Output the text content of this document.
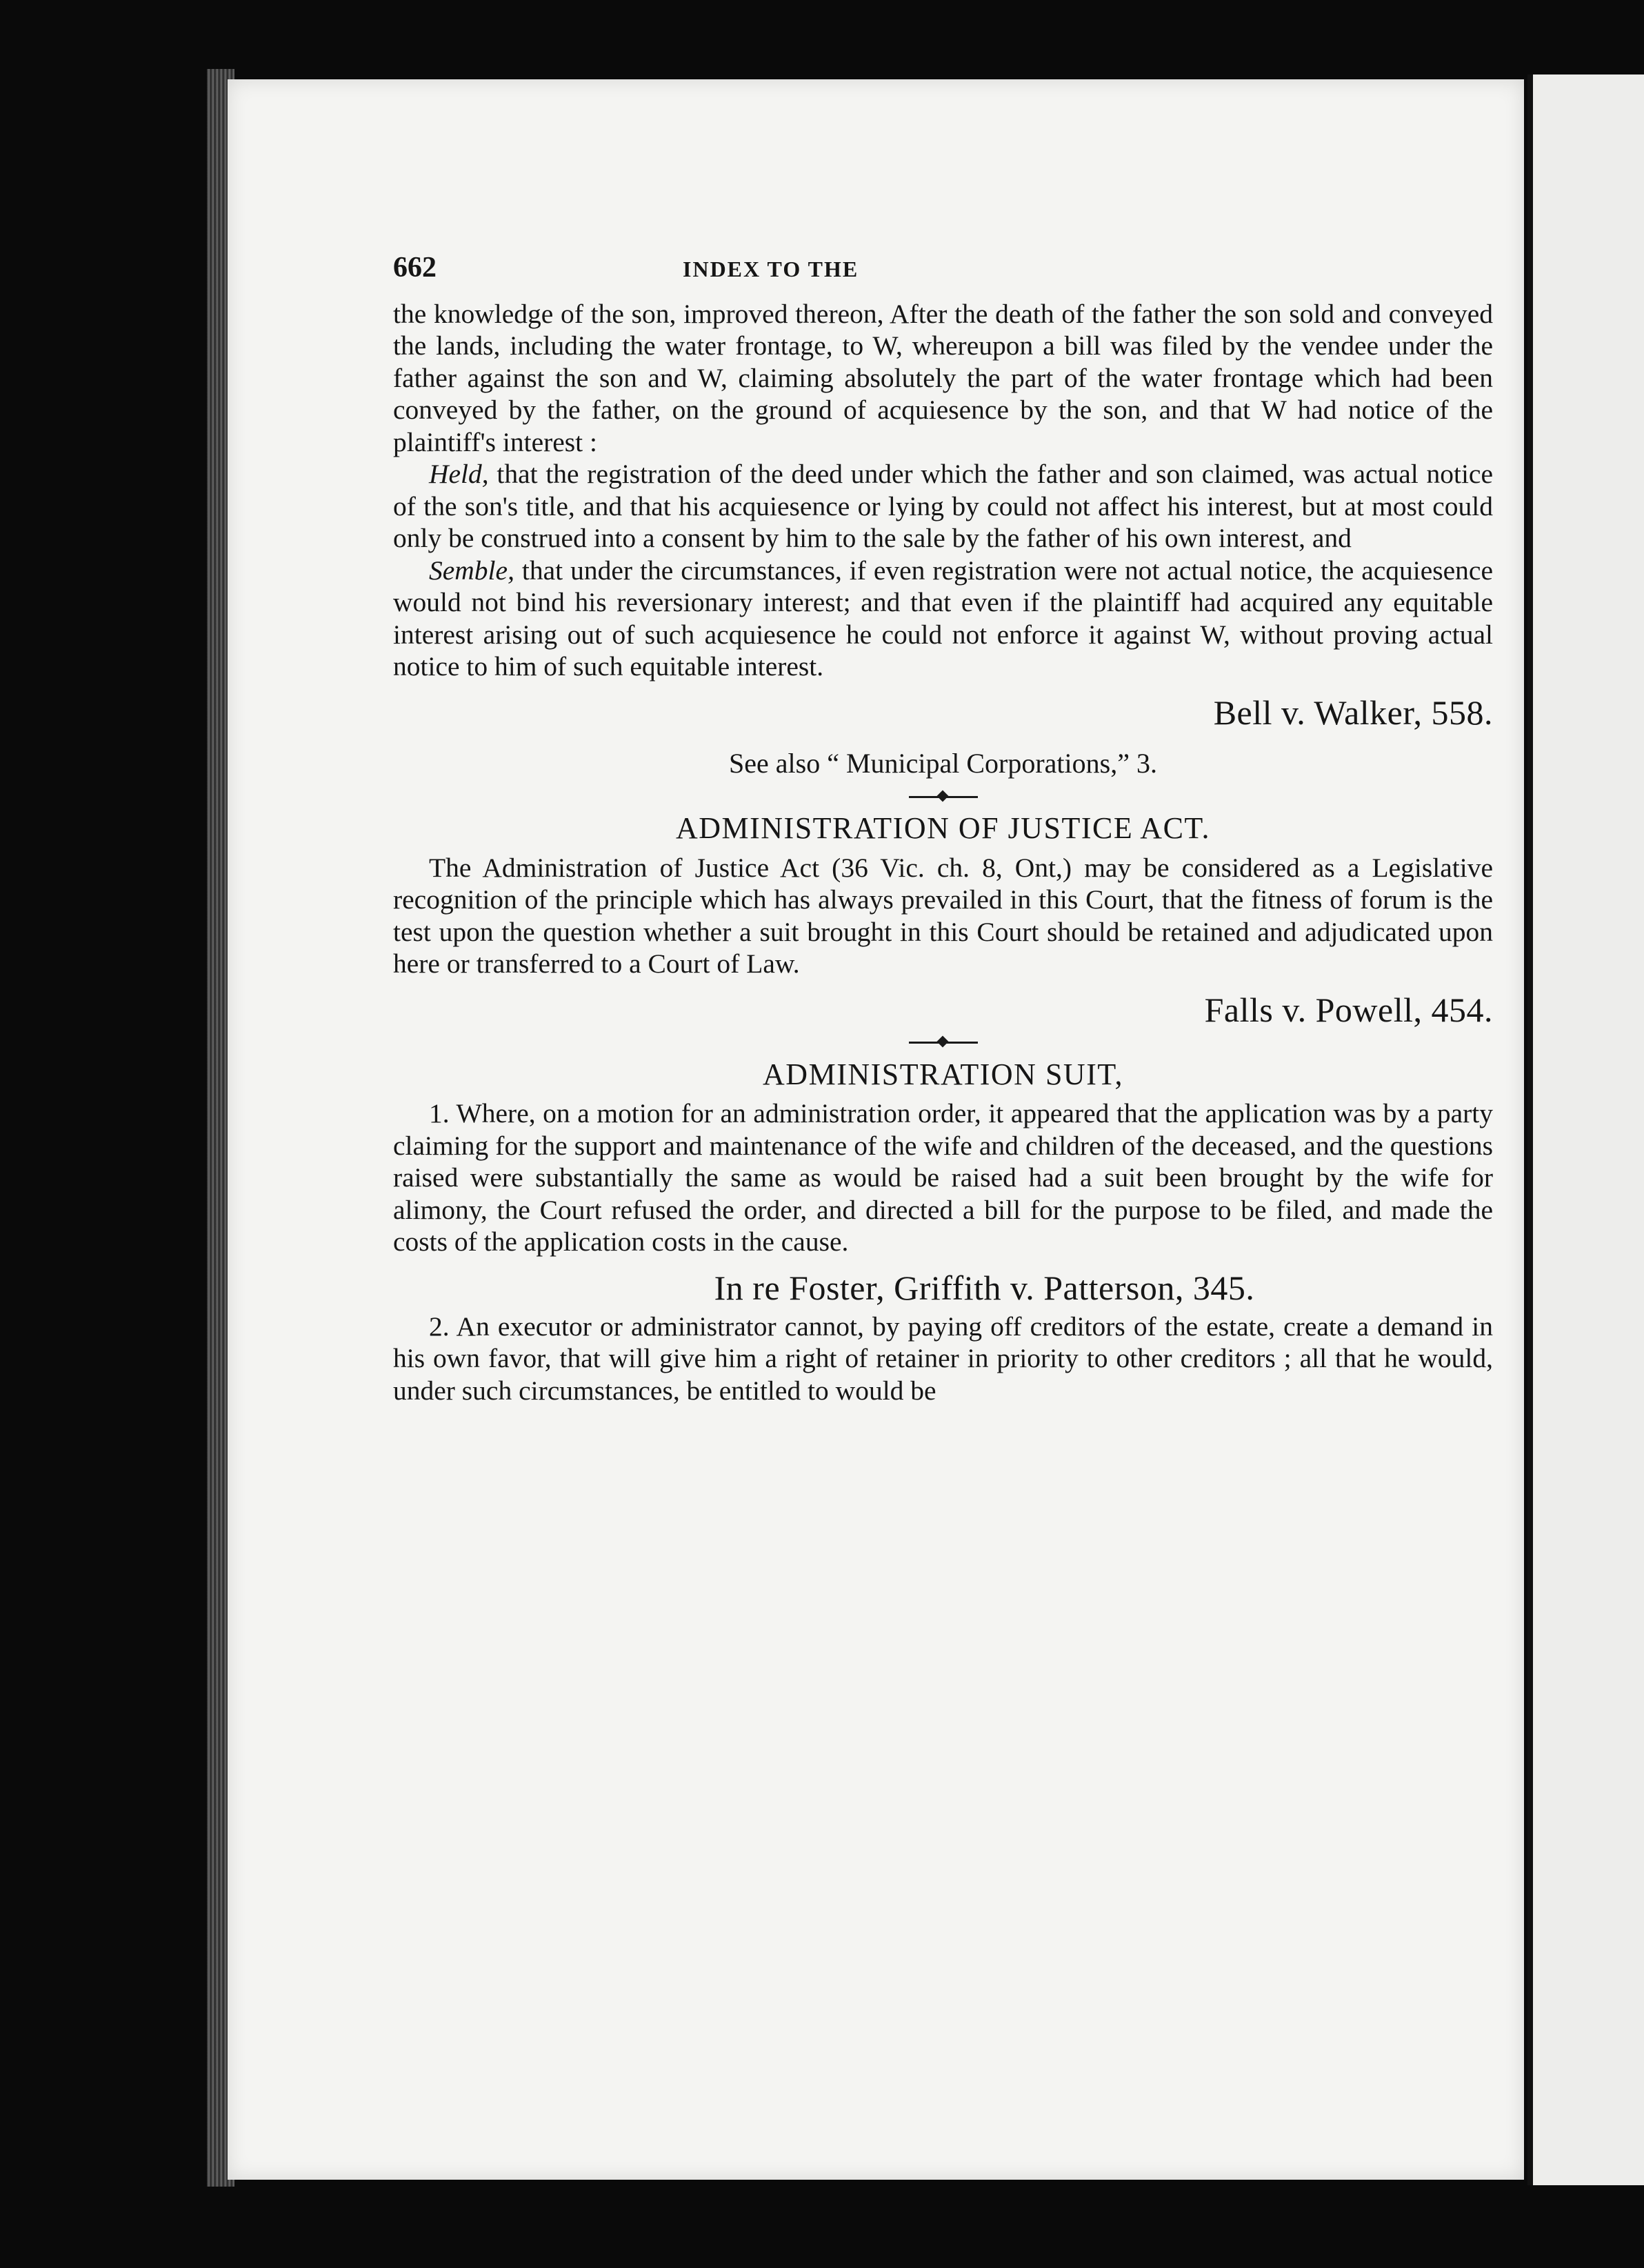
662	INDEX TO THE

the knowledge of the son, improved thereon, After the death of the father the son sold and conveyed the lands, including the water frontage, to W, whereupon a bill was filed by the vendee under the father against the son and W, claiming absolutely the part of the water frontage which had been conveyed by the father, on the ground of acquiesence by the son, and that W had notice of the plaintiff's interest :

Held, that the registration of the deed under which the father and son claimed, was actual notice of the son's title, and that his acquiesence or lying by could not affect his interest, but at most could only be construed into a consent by him to the sale by the father of his own interest, and

Semble, that under the circumstances, if even registration were not actual notice, the acquiesence would not bind his reversionary interest; and that even if the plaintiff had acquired any equitable interest arising out of such acquiesence he could not enforce it against W, without proving actual notice to him of such equitable interest.

Bell v. Walker, 558.
See also “ Municipal Corporations,” 3.
ADMINISTRATION OF JUSTICE ACT.

The Administration of Justice Act (36 Vic. ch. 8, Ont,) may be considered as a Legislative recognition of the principle which has always prevailed in this Court, that the fitness of forum is the test upon the question whether a suit brought in this Court should be retained and adjudicated upon here or transferred to a Court of Law.

Falls v. Powell, 454.
ADMINISTRATION SUIT,

1. Where, on a motion for an administration order, it appeared that the application was by a party claiming for the support and maintenance of the wife and children of the deceased, and the questions raised were substantially the same as would be raised had a suit been brought by the wife for alimony, the Court refused the order, and directed a bill for the purpose to be filed, and made the costs of the application costs in the cause.

In re Foster, Griffith v. Patterson, 345.

2. An executor or administrator cannot, by paying off creditors of the estate, create a demand in his own favor, that will give him a right of retainer in priority to other creditors ; all that he would, under such circumstances, be entitled to would be
